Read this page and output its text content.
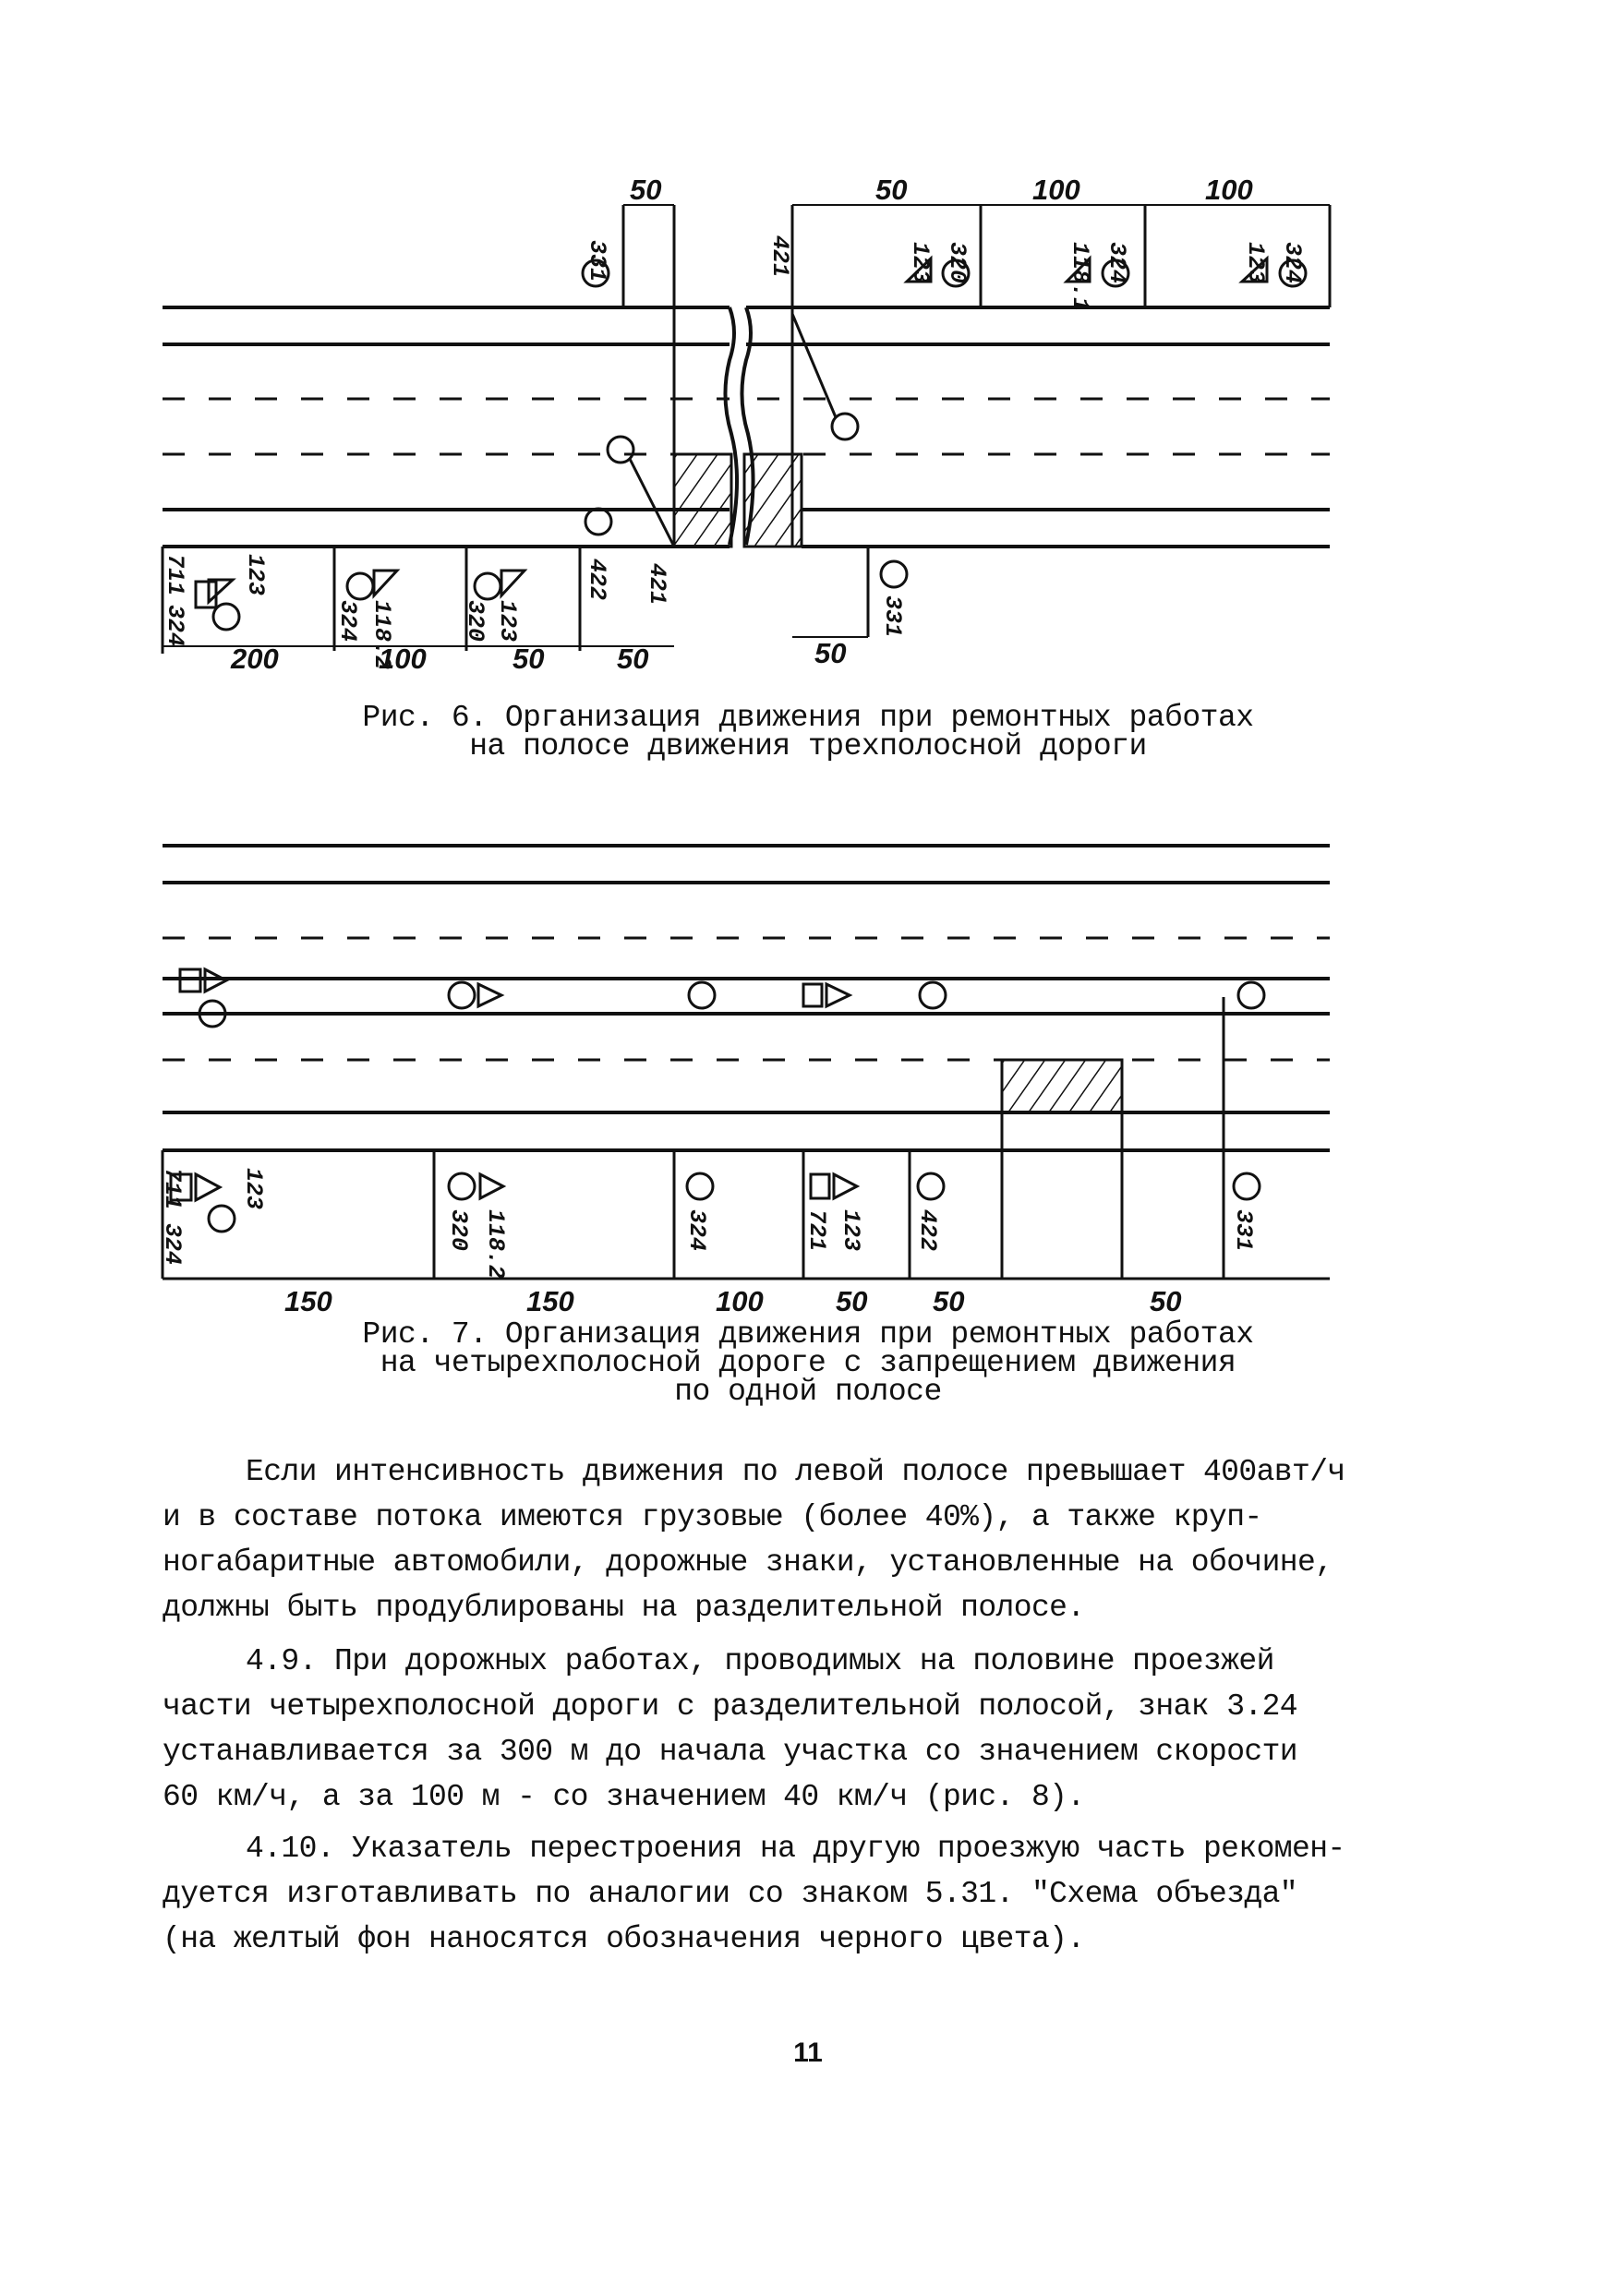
50	50	100	100
200	100	50	50	50
331	421	123 320	118.1 324	123 324
123
711
324	118.2
324	123
320
422 421
331
Рис. 6. Организация движения при ремонтных работах
на полосе движения трехполосной дороги
123
711
324	118.2
320	324	123
721	422	331
150	150	100	50 50	50
Рис. 7. Организация движения при ремонтных работах
на четырехполосной дороге с запрещением движения
по одной полосе
Если интенсивность движения по левой полосе превышает 400авт/ч
и в составе потока имеются грузовые (более 40%), а также круп-
ногабаритные автомобили, дорожные знаки, установленные на обочине,
должны быть продублированы на разделительной полосе.
4.9. При дорожных работах, проводимых на половине проезжей
части четырехполосной дороги с разделительной полосой, знак 3.24
устанавливается за 300 м до начала участка со значением скорости
60 км/ч, а за 100 м - со значением 40 км/ч (рис. 8).
4.10. Указатель перестроения на другую проезжую часть рекомен-
дуется изготавливать по аналогии со знаком 5.31. "Схема объезда"
(на желтый фон наносятся обозначения черного цвета).
11
